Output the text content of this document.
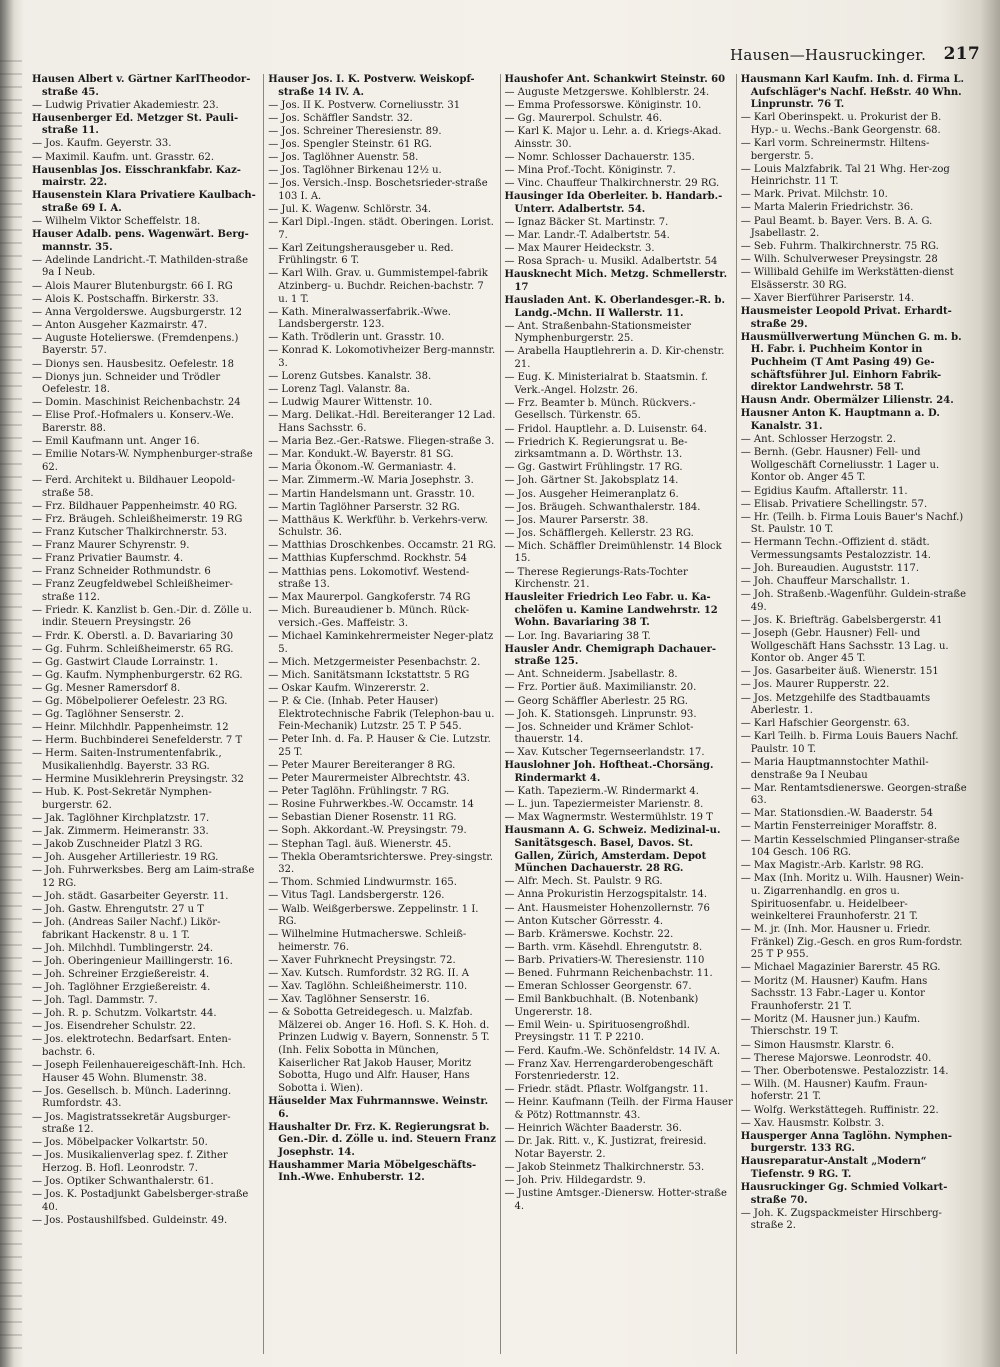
Hausen—Hausruckinger. 217
Hausen Albert v. Gärtner KarlTheodor-straße 45.
— Ludwig Privatier Akademiestr. 23.
Hausenberger Ed. Metzger St. Pauli-straße 11.
— Jos. Kaufm. Geyerstr. 33.
— Maximil. Kaufm. unt. Grasstr. 62.
Hausenblas Jos. Eisschrankfabr. Kaz-mairstr. 22.
Hausenstein Klara Privatiere Kaulbach-straße 69 I. A.
— Wilhelm Viktor Scheffelstr. 18.
Hauser Adalb. pens. Wagenwärt. Berg-mannstr. 35.
— Adelinde Landricht.-T. Mathilden-straße 9a I Neub.
— Alois Maurer Blutenburgstr. 66 I. RG
— Alois K. Postschaffn. Birkerstr. 33.
— Anna Vergolderswe. Augsburgerstr. 12
— Anton Ausgeher Kazmairstr. 47.
— Auguste Hotelierswe. (Fremdenpens.) Bayerstr. 57.
— Dionys sen. Hausbesitz. Oefelestr. 18
— Dionys jun. Schneider und Trödler Oefelestr. 18.
— Domin. Maschinist Reichenbachstr. 24
— Elise Prof.-Hofmalers u. Konserv.-We. Barerstr. 88.
— Emil Kaufmann unt. Anger 16.
— Emilie Notars-W. Nymphenburger-straße 62.
— Ferd. Architekt u. Bildhauer Leopold-straße 58.
— Frz. Bildhauer Pappenheimstr. 40 RG.
— Frz. Bräugeh. Schleißheimerstr. 19 RG
— Franz Kutscher Thalkirchnerstr. 53.
— Franz Maurer Schyrenstr. 9.
— Franz Privatier Baumstr. 4.
— Franz Schneider Rothmundstr. 6
— Franz Zeugfeldwebel Schleißheimer-straße 112.
— Friedr. K. Kanzlist b. Gen.-Dir. d. Zölle u. indir. Steuern Preysingstr. 26
— Frdr. K. Oberstl. a. D. Bavariaring 30
— Gg. Fuhrm. Schleißheimerstr. 65 RG.
— Gg. Gastwirt Claude Lorrainstr. 1.
— Gg. Kaufm. Nymphenburgerstr. 62 RG.
— Gg. Mesner Ramersdorf 8.
— Gg. Möbelpolierer Oefelestr. 23 RG.
— Gg. Taglöhner Senserstr. 2.
— Heinr. Milchhdlr. Pappenheimstr. 12
— Herm. Buchbinderei Senefelderstr. 7 T
— Herm. Saiten-Instrumentenfabrik., Musikalienhdlg. Bayerstr. 33 RG.
— Hermine Musiklehrerin Preysingstr. 32
— Hub. K. Post-Sekretär Nymphen-burgerstr. 62.
— Jak. Taglöhner Kirchplatzstr. 17.
— Jak. Zimmerm. Heimeranstr. 33.
— Jakob Zuschneider Platzl 3 RG.
— Joh. Ausgeher Artilleriestr. 19 RG.
— Joh. Fuhrwerksbes. Berg am Laim-straße 12 RG.
— Joh. städt. Gasarbeiter Geyerstr. 11.
— Joh. Gastw. Ehrengutstr. 27 u T
— Joh. (Andreas Sailer Nachf.) Likör-fabrikant Hackenstr. 8 u. 1 T.
— Joh. Milchhdl. Tumblingerstr. 24.
— Joh. Oberingenieur Maillingerstr. 16.
— Joh. Schreiner Erzgießereistr. 4.
— Joh. Taglöhner Erzgießereistr. 4.
— Joh. Tagl. Dammstr. 7.
— Joh. R. p. Schutzm. Volkartstr. 44.
— Jos. Eisendreher Schulstr. 22.
— Jos. elektrotechn. Bedarfsart. Enten-bachstr. 6.
— Joseph Feilenhauereigeschäft-Inh. Hch. Hauser 45 Wohn. Blumenstr. 38.
— Jos. Gesellsch. b. Münch. Laderinng. Rumfordstr. 43.
— Jos. Magistratssekretär Augsburger-straße 12.
— Jos. Möbelpacker Volkartstr. 50.
— Jos. Musikalienverlag spez. f. Zither Herzog. B. Hofl. Leonrodstr. 7.
— Jos. Optiker Schwanthalerstr. 61.
— Jos. K. Postadjunkt Gabelsberger-straße 40.
— Jos. Postaushilfsbed. Guldeinstr. 49.
Hauser Jos. I. K. Postverw. Weiskopf-straße 14 IV. A.
— Jos. II K. Postverw. Corneliusstr. 31
— Jos. Schäffler Sandstr. 32.
— Jos. Schreiner Theresienstr. 89.
— Jos. Spengler Steinstr. 61 RG.
— Jos. Taglöhner Auenstr. 58.
— Jos. Taglöhner Birkenau 12½ u.
— Jos. Versich.-Insp. Boschetsrieder-straße 103 I. A.
— Jul. K. Wagenw. Schlörstr. 34.
— Karl Dipl.-Ingen. städt. Oberingen. Lorist. 7.
— Karl Zeitungsherausgeber u. Red. Frühlingstr. 6 T.
— Karl Wilh. Grav. u. Gummistempel-fabrik Atzinberg- u. Buchdr. Reichen-bachstr. 7 u. 1 T.
— Kath. Mineralwasserfabrik.-Wwe. Landsbergerstr. 123.
— Kath. Trödlerin unt. Grasstr. 10.
— Konrad K. Lokomotivheizer Berg-mannstr. 3.
— Lorenz Gutsbes. Kanalstr. 38.
— Lorenz Tagl. Valanstr. 8a.
— Ludwig Maurer Wittenstr. 10.
— Marg. Delikat.-Hdl. Bereiteranger 12 Lad. Hans Sachsstr. 6.
— Maria Bez.-Ger.-Ratswe. Fliegen-straße 3.
— Mar. Kondukt.-W. Bayerstr. 81 SG.
— Maria Ökonom.-W. Germaniastr. 4.
— Mar. Zimmerm.-W. Maria Josephstr. 3.
— Martin Handelsmann unt. Grasstr. 10.
— Martin Taglöhner Parserstr. 32 RG.
— Matthäus K. Werkführ. b. Verkehrs-verw. Schulstr. 36.
— Matthias Droschkenbes. Occamstr. 21 RG.
— Matthias Kupferschmd. Rockhstr. 54
— Matthias pens. Lokomotivf. Westend-straße 13.
— Max Maurerpol. Gangkoferstr. 74 RG
— Mich. Bureaudiener b. Münch. Rück-versich.-Ges. Maffeistr. 3.
— Michael Kaminkehrermeister Neger-platz 5.
— Mich. Metzgermeister Pesenbachstr. 2.
— Mich. Sanitätsmann Ickstattstr. 5 RG
— Oskar Kaufm. Winzererstr. 2.
— P. & Cie. (Inhab. Peter Hauser) Elektrotechnische Fabrik (Telephon-bau u. Fein-Mechanik) Lutzstr. 25 T. P 545.
— Peter Inh. d. Fa. P. Hauser & Cie. Lutzstr. 25 T.
— Peter Maurer Bereiteranger 8 RG.
— Peter Maurermeister Albrechtstr. 43.
— Peter Taglöhn. Frühlingstr. 7 RG.
— Rosine Fuhrwerkbes.-W. Occamstr. 14
— Sebastian Diener Rosenstr. 11 RG.
— Soph. Akkordant.-W. Preysingstr. 79.
— Stephan Tagl. äuß. Wienerstr. 45.
— Thekla Oberamtsrichterswe. Prey-singstr. 32.
— Thom. Schmied Lindwurmstr. 165.
— Vitus Tagl. Landsbergerstr. 126.
— Walb. Weißgerberswe. Zeppelinstr. 1 I. RG.
— Wilhelmine Hutmacherswe. Schleiß-heimerstr. 76.
— Xaver Fuhrknecht Preysingstr. 72.
— Xav. Kutsch. Rumfordstr. 32 RG. II. A
— Xav. Taglöhn. Schleißheimerstr. 110.
— Xav. Taglöhner Senserstr. 16.
— & Sobotta Getreidegesch. u. Malzfab. Mälzerei ob. Anger 16. Hofl. S. K. Hoh. d. Prinzen Ludwig v. Bayern, Sonnenstr. 5 T. (Inh. Felix Sobotta in München, Kaiserlicher Rat Jakob Hauser, Moritz Sobotta, Hugo und Alfr. Hauser, Hans Sobotta i. Wien).
Häuselder Max Fuhrmannswe. Weinstr. 6.
Haushalter Dr. Frz. K. Regierungsrat b. Gen.-Dir. d. Zölle u. ind. Steuern Franz Josephstr. 14.
Haushammer Maria Möbelgeschäfts-Inh.-Wwe. Enhuberstr. 12.
Haushofer Ant. Schankwirt Steinstr. 60
— Auguste Metzgerswe. Kohlblerstr. 24.
— Emma Professorswe. Königinstr. 10.
— Gg. Maurerpol. Schulstr. 46.
— Karl K. Major u. Lehr. a. d. Kriegs-Akad. Ainsstr. 30.
— Nomr. Schlosser Dachauerstr. 135.
— Mina Prof.-Tocht. Königinstr. 7.
— Vinc. Chauffeur Thalkirchnerstr. 29 RG.
Hausinger Ida Oberleiter. b. Handarb.-Unterr. Adalbertstr. 54.
— Ignaz Bäcker St. Martinstr. 7.
— Mar. Landr.-T. Adalbertstr. 54.
— Max Maurer Heideckstr. 3.
— Rosa Sprach- u. Musikl. Adalbertstr. 54
Hausknecht Mich. Metzg. Schmellerstr. 17
Hausladen Ant. K. Oberlandesger.-R. b. Landg.-Mchn. II Wallerstr. 11.
— Ant. Straßenbahn-Stationsmeister Nymphenburgerstr. 25.
— Arabella Hauptlehrerin a. D. Kir-chenstr. 21.
— Eug. K. Ministerialrat b. Staatsmin. f. Verk.-Angel. Holzstr. 26.
— Frz. Beamter b. Münch. Rückvers.-Gesellsch. Türkenstr. 65.
— Fridol. Hauptlehr. a. D. Luisenstr. 64.
— Friedrich K. Regierungsrat u. Be-zirksamtmann a. D. Wörthstr. 13.
— Gg. Gastwirt Frühlingstr. 17 RG.
— Joh. Gärtner St. Jakobsplatz 14.
— Jos. Ausgeher Heimeranplatz 6.
— Jos. Bräugeh. Schwanthalerstr. 184.
— Jos. Maurer Parserstr. 38.
— Jos. Schäfflergeh. Kellerstr. 23 RG.
— Mich. Schäffler Dreimühlenstr. 14 Block 15.
— Therese Regierungs-Rats-Tochter Kirchenstr. 21.
Hausleiter Friedrich Leo Fabr. u. Ka-chelöfen u. Kamine Landwehrstr. 12 Wohn. Bavariaring 38 T.
— Lor. Ing. Bavariaring 38 T.
Hausler Andr. Chemigraph Dachauer-straße 125.
— Ant. Schneiderm. Jsabellastr. 8.
— Frz. Portier äuß. Maximilianstr. 20.
— Georg Schäffler Aberlestr. 25 RG.
— Joh. K. Stationsgeh. Linprunstr. 93.
— Jos. Schneider und Krämer Schlot-thauerstr. 14.
— Xav. Kutscher Tegernseerlandstr. 17.
Hauslohner Joh. Hoftheat.-Chorsäng. Rindermarkt 4.
— Kath. Tapezierm.-W. Rindermarkt 4.
— L. jun. Tapeziermeister Marienstr. 8.
— Max Wagnermstr. Westermühlstr. 19 T
Hausmann A. G. Schweiz. Medizinal-u. Sanitätsgesch. Basel, Davos. St. Gallen, Zürich, Amsterdam. Depot München Dachauerstr. 28 RG.
— Alfr. Mech. St. Paulstr. 9 RG.
— Anna Prokuristin Herzogspitalstr. 14.
— Ant. Hausmeister Hohenzollernstr. 76
— Anton Kutscher Görresstr. 4.
— Barb. Krämerswe. Kochstr. 22.
— Barth. vrm. Käsehdl. Ehrengutstr. 8.
— Barb. Privatiers-W. Theresienstr. 110
— Bened. Fuhrmann Reichenbachstr. 11.
— Emeran Schlosser Georgenstr. 67.
— Emil Bankbuchhalt. (B. Notenbank) Ungererstr. 18.
— Emil Wein- u. Spirituosengroßhdl. Preysingstr. 11 T. P 2210.
— Ferd. Kaufm.-We. Schönfeldstr. 14 IV. A.
— Franz Xav. Herrengarderobengeschäft Forstenriederstr. 12.
— Friedr. städt. Pflastr. Wolfgangstr. 11.
— Heinr. Kaufmann (Teilh. der Firma Hauser & Pötz) Rottmannstr. 43.
— Heinrich Wächter Baaderstr. 36.
— Dr. Jak. Ritt. v., K. Justizrat, freiresid. Notar Bayerstr. 2.
— Jakob Steinmetz Thalkirchnerstr. 53.
— Joh. Priv. Hildegardstr. 9.
— Justine Amtsger.-Dienersw. Hotter-straße 4.
Hausmann Karl Kaufm. Inh. d. Firma L. Aufschläger's Nachf. Heßstr. 40 Whn. Linprunstr. 76 T.
— Karl Oberinspekt. u. Prokurist der B. Hyp.- u. Wechs.-Bank Georgenstr. 68.
— Karl vorm. Schreinermstr. Hiltens-bergerstr. 5.
— Louis Malzfabrik. Tal 21 Whg. Her-zog Heinrichstr. 11 T.
— Mark. Privat. Milchstr. 10.
— Marta Malerin Friedrichstr. 36.
— Paul Beamt. b. Bayer. Vers. B. A. G. Jsabellastr. 2.
— Seb. Fuhrm. Thalkirchnerstr. 75 RG.
— Wilh. Schulverweser Preysingstr. 28
— Willibald Gehilfe im Werkstätten-dienst Elsässerstr. 30 RG.
— Xaver Bierführer Pariserstr. 14.
Hausmeister Leopold Privat. Erhardt-straße 29.
Hausmüllverwertung München G. m. b. H. Fabr. i. Puchheim Kontor in Puchheim (T Amt Pasing 49) Ge-schäftsführer Jul. Einhorn Fabrik-direktor Landwehrstr. 58 T.
Hausn Andr. Obermälzer Lilienstr. 24.
Hausner Anton K. Hauptmann a. D. Kanalstr. 31.
— Ant. Schlosser Herzogstr. 2.
— Bernh. (Gebr. Hausner) Fell- und Wollgeschäft Corneliusstr. 1 Lager u. Kontor ob. Anger 45 T.
— Egidius Kaufm. Aftallerstr. 11.
— Elisab. Privatiere Schellingstr. 57.
— Hr. (Teilh. b. Firma Louis Bauer's Nachf.) St. Paulstr. 10 T.
— Hermann Techn.-Offizient d. städt. Vermessungsamts Pestalozzistr. 14.
— Joh. Bureaudien. Auguststr. 117.
— Joh. Chauffeur Marschallstr. 1.
— Joh. Straßenb.-Wagenführ. Guldein-straße 49.
— Jos. K. Briefträg. Gabelsbergerstr. 41
— Joseph (Gebr. Hausner) Fell- und Wollgeschäft Hans Sachsstr. 13 Lag. u. Kontor ob. Anger 45 T.
— Jos. Gasarbeiter äuß. Wienerstr. 151
— Jos. Maurer Rupperstr. 22.
— Jos. Metzgehilfe des Stadtbauamts Aberlestr. 1.
— Karl Hafschier Georgenstr. 63.
— Karl Teilh. b. Firma Louis Bauers Nachf. Paulstr. 10 T.
— Maria Hauptmannstochter Mathil-denstraße 9a I Neubau
— Mar. Rentamtsdienerswe. Georgen-straße 63.
— Mar. Stationsdien.-W. Baaderstr. 54
— Martin Fensterreiniger Moraffstr. 8.
— Martin Kesselschmied Plinganser-straße 104 Gesch. 106 RG.
— Max Magistr.-Arb. Karlstr. 98 RG.
— Max (Inh. Moritz u. Wilh. Hausner) Wein- u. Zigarrenhandlg. en gros u. Spirituosenfabr. u. Heidelbeer-weinkelterei Fraunhoferstr. 21 T.
— M. jr. (Inh. Mor. Hausner u. Friedr. Fränkel) Zig.-Gesch. en gros Rum-fordstr. 25 T P 955.
— Michael Magazinier Barerstr. 45 RG.
— Moritz (M. Hausner) Kaufm. Hans Sachsstr. 13 Fabr.-Lager u. Kontor Fraunhoferstr. 21 T.
— Moritz (M. Hausner jun.) Kaufm. Thierschstr. 19 T.
— Simon Hausmstr. Klarstr. 6.
— Therese Majorswe. Leonrodstr. 40.
— Ther. Oberbotenswe. Pestalozzistr. 14.
— Wilh. (M. Hausner) Kaufm. Fraun-hoferstr. 21 T.
— Wolfg. Werkstättegeh. Ruffinistr. 22.
— Xav. Hausmstr. Kolbstr. 3.
Hausperger Anna Taglöhn. Nymphen-burgerstr. 133 RG.
Hausreparatur-Anstalt „Modern“ Tiefenstr. 9 RG. T.
Hausruckinger Gg. Schmied Volkart-straße 70.
— Joh. K. Zugspackmeister Hirschberg-straße 2.
